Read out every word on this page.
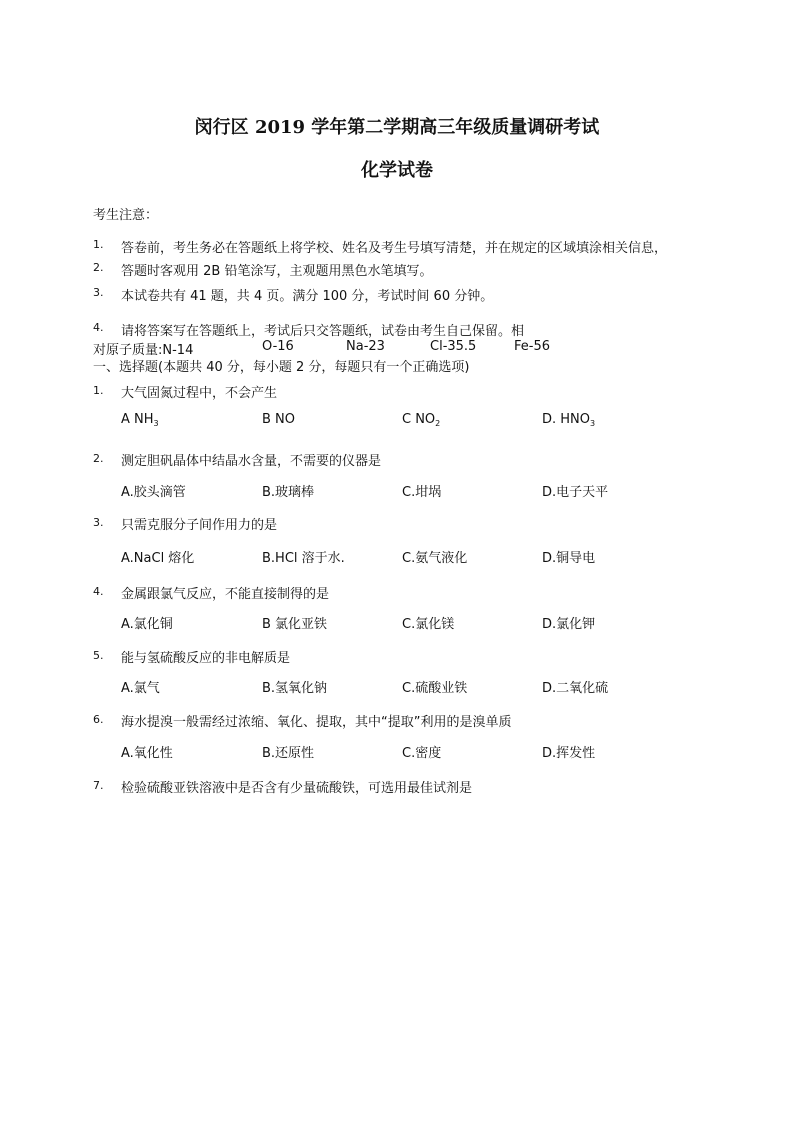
闵行区 2019 学年第二学期高三年级质量调研考试
化学试卷
考生注意：
1. 答卷前，考生务必在答题纸上将学校、姓名及考生号填写清楚，并在规定的区域填涂相关信息，
2. 答题时客观用 2B 铅笔涂写，主观题用黑色水笔填写。
3. 本试卷共有 41 题，共 4 页。满分 100 分，考试时间 60 分钟。
4. 请将答案写在答题纸上，考试后只交答题纸，试卷由考生自己保留。相
对原子质量:N-14	O-16	Na-23	Cl-35.5	Fe-56
一、选择题(本题共 40 分，每小题 2 分，每题只有一个正确选项)
1. 大气固氮过程中，不会产生
A $NH_3$	B NO	C $NO_2$	D. $HNO_3$
2. 测定胆矾晶体中结晶水含量，不需要的仪器是
A.胶头滴管	B.玻璃棒	C.坩埚	D.电子天平
3. 只需克服分子间作用力的是
A.NaCl 熔化	B.HCl 溶于水.	C.氨气液化	D.铜导电
4. 金属跟氯气反应，不能直接制得的是
A.氯化铜	B 氯化亚铁	C.氯化镁	D.氯化钾
5. 能与氢硫酸反应的非电解质是
A.氯气	B.氢氧化钠	C.硫酸业铁	D.二氧化硫
6. 海水提溴一般需经过浓缩、氧化、提取，其中“提取”利用的是溴单质
A.氧化性	B.还原性	C.密度	D.挥发性
7. 检验硫酸亚铁溶液中是否含有少量硫酸铁，可选用最佳试剂是
